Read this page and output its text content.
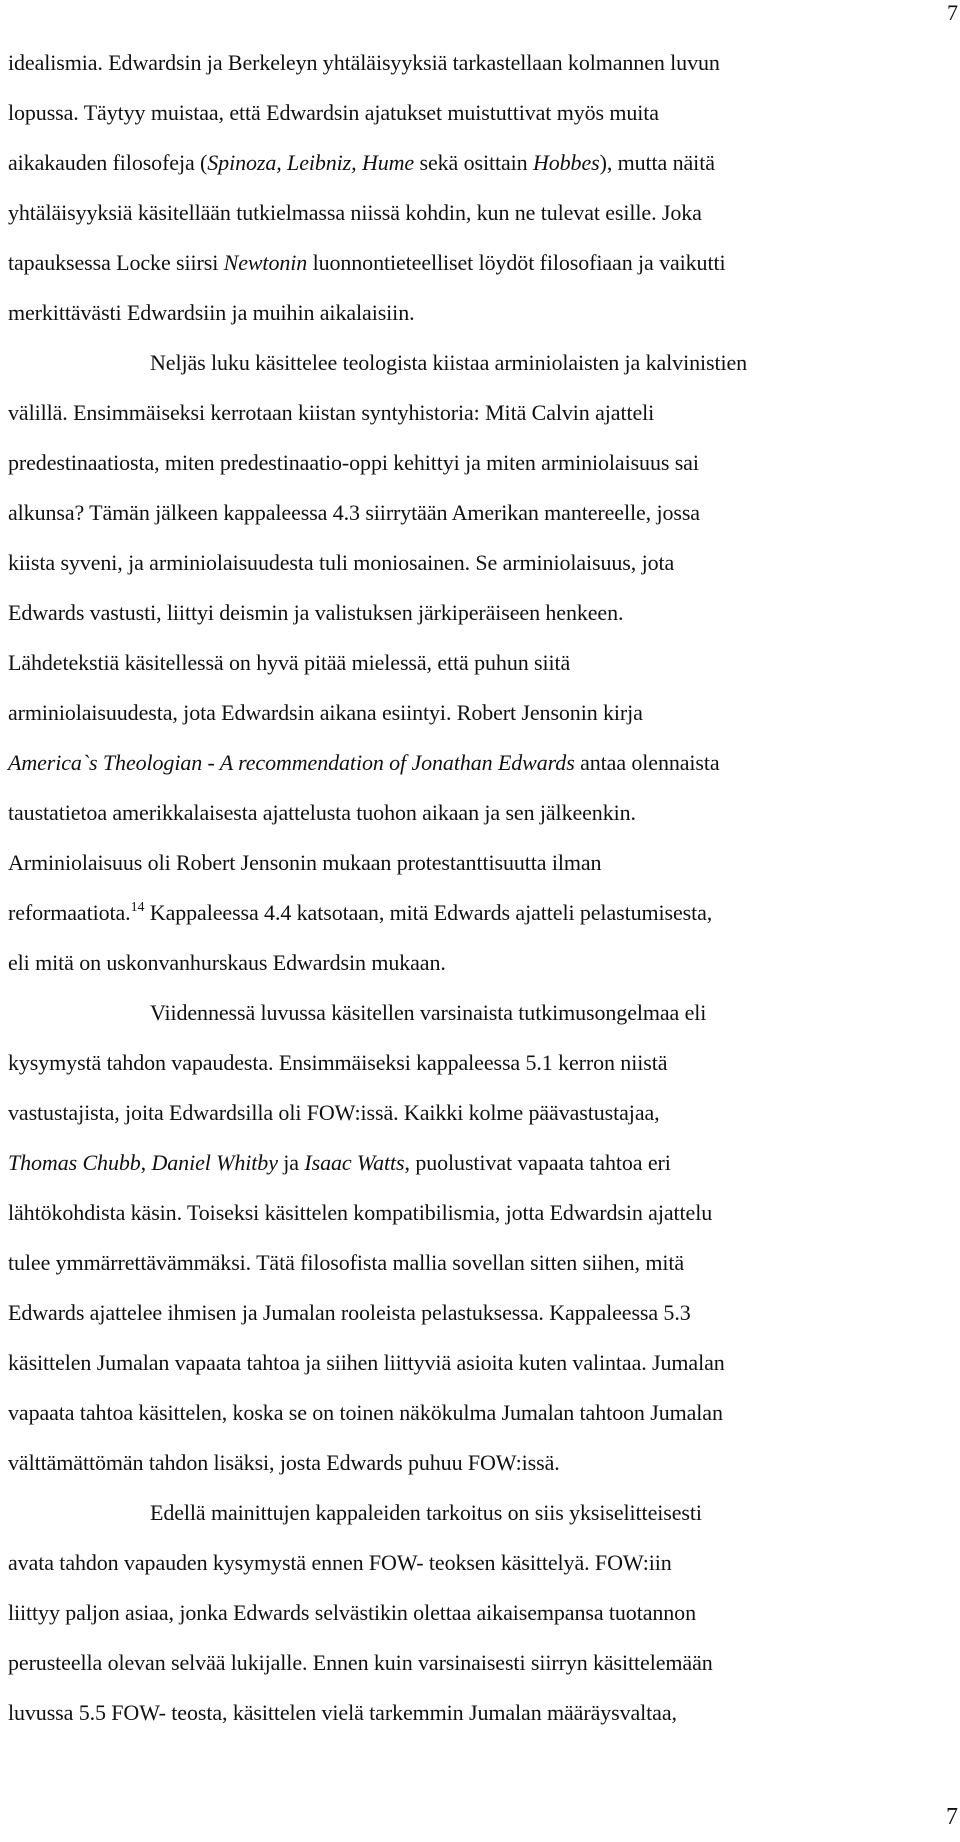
7

idealismia. Edwardsin ja Berkeleyn yhtäläisyyksiä tarkastellaan kolmannen luvun
lopussa. Täytyy muistaa, että Edwardsin ajatukset muistuttivat myös muita
aikakauden filosofeja (Spinoza, Leibniz, Hume sekä osittain Hobbes), mutta näitä
yhtäläisyyksiä käsitellään tutkielmassa niissä kohdin, kun ne tulevat esille. Joka
tapauksessa Locke siirsi Newtonin luonnontieteelliset löydöt filosofiaan ja vaikutti
merkittävästi Edwardsiin ja muihin aikalaisiin.

Neljäs luku käsittelee teologista kiistaa arminiolaisten ja kalvinistien
välillä. Ensimmäiseksi kerrotaan kiistan syntyhistoria: Mitä Calvin ajatteli
predestinaatiosta, miten predestinaatio-oppi kehittyi ja miten arminiolaisuus sai
alkunsa? Tämän jälkeen kappaleessa 4.3 siirrytään Amerikan mantereelle, jossa
kiista syveni, ja arminiolaisuudesta tuli moniosainen. Se arminiolaisuus, jota
Edwards vastusti, liittyi deismin ja valistuksen järkiperäiseen henkeen.
Lähdetekstiä käsitellessä on hyvä pitää mielessä, että puhun siitä
arminiolaisuudesta, jota Edwardsin aikana esiintyi. Robert Jensonin kirja
America`s Theologian - A recommendation of Jonathan Edwards antaa olennaista
taustatietoa amerikkalaisesta ajattelusta tuohon aikaan ja sen jälkeenkin.
Arminiolaisuus oli Robert Jensonin mukaan protestanttisuutta ilman
reformaatiota.$^{14}$ Kappaleessa 4.4 katsotaan, mitä Edwards ajatteli pelastumisesta,
eli mitä on uskonvanhurskaus Edwardsin mukaan.

Viidennessä luvussa käsitellen varsinaista tutkimusongelmaa eli
kysymystä tahdon vapaudesta. Ensimmäiseksi kappaleessa 5.1 kerron niistä
vastustajista, joita Edwardsilla oli FOW:issä. Kaikki kolme päävastustajaa,
Thomas Chubb, Daniel Whitby ja Isaac Watts, puolustivat vapaata tahtoa eri
lähtökohdista käsin. Toiseksi käsittelen kompatibilismia, jotta Edwardsin ajattelu
tulee ymmärrettävämmäksi. Tätä filosofista mallia sovellan sitten siihen, mitä
Edwards ajattelee ihmisen ja Jumalan rooleista pelastuksessa. Kappaleessa 5.3
käsittelen Jumalan vapaata tahtoa ja siihen liittyviä asioita kuten valintaa. Jumalan
vapaata tahtoa käsittelen, koska se on toinen näkökulma Jumalan tahtoon Jumalan
välttämättömän tahdon lisäksi, josta Edwards puhuu FOW:issä.

Edellä mainittujen kappaleiden tarkoitus on siis yksiselitteisesti
avata tahdon vapauden kysymystä ennen FOW- teoksen käsittelyä. FOW:iin
liittyy paljon asiaa, jonka Edwards selvästikin olettaa aikaisempansa tuotannon
perusteella olevan selvää lukijalle. Ennen kuin varsinaisesti siirryn käsittelemään
luvussa 5.5 FOW- teosta, käsittelen vielä tarkemmin Jumalan määräysvaltaa,

7
